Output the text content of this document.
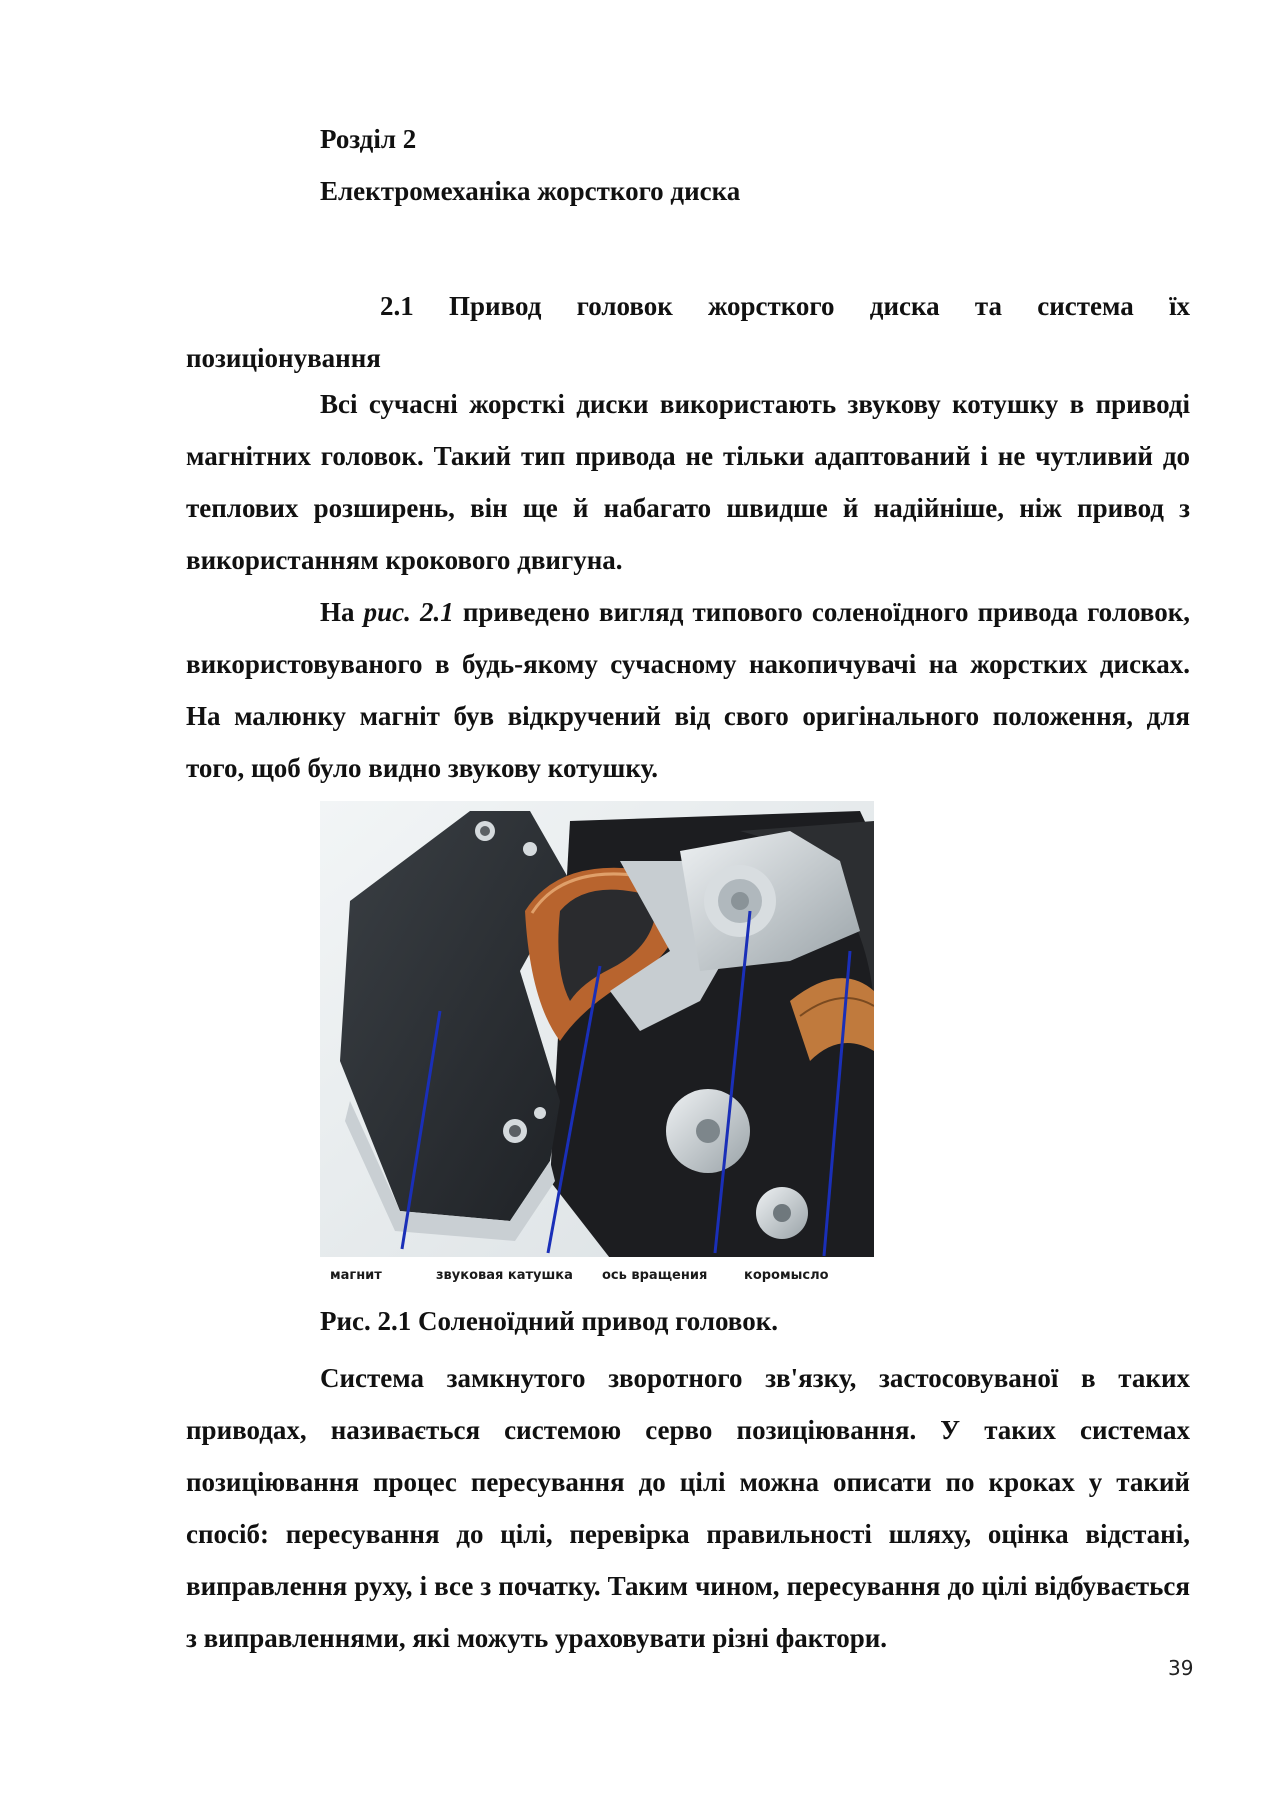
Розділ 2
Електромеханіка жорсткого диска
2.1 Привод головок жорсткого диска та система їх позиціонування

Всі сучасні жорсткі диски використають звукову котушку в приводі магнітних головок. Такий тип привода не тільки адаптований і не чутливий до теплових розширень, він ще й набагато швидше й надійніше, ніж привод з використанням крокового двигуна.

На рис. 2.1 приведено вигляд типового соленоїдного привода головок, використовуваного в будь-якому сучасному накопичувачі на жорстких дисках. На малюнку магніт був відкручений від свого оригінального положення, для того, щоб було видно звукову котушку.

магнит	звуковая катушка ось вращения	коромысло
Рис. 2.1 Соленоїдний привод головок.

Система замкнутого зворотного зв'язку, застосовуваної в таких приводах, називається системою серво позиціювання. У таких системах позиціювання процес пересування до цілі можна описати по кроках у такий спосіб: пересування до цілі, перевірка правильності шляху, оцінка відстані, виправлення руху, і все з початку. Таким чином, пересування до цілі відбувається з виправленнями, які можуть ураховувати різні фактори.

39
